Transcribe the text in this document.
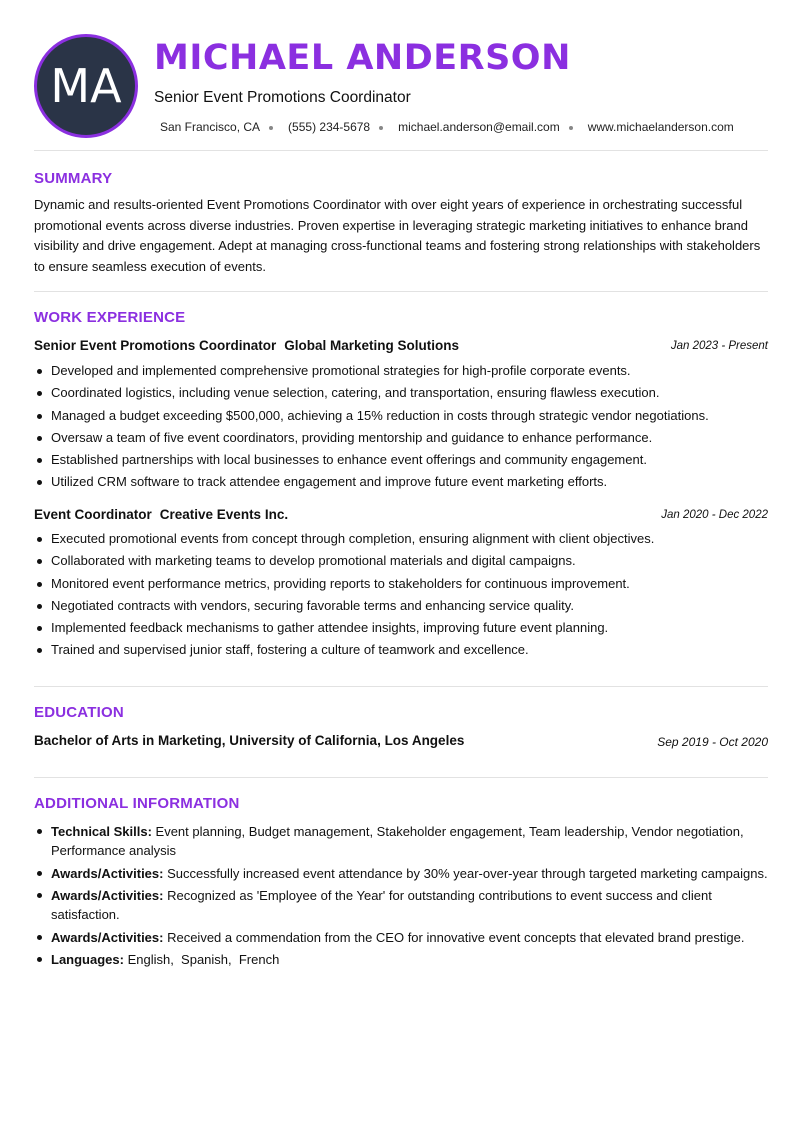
MA
MICHAEL ANDERSON
Senior Event Promotions Coordinator
San Francisco, CA (555) 234-5678 michael.anderson@email.com www.michaelanderson.com
SUMMARY
Dynamic and results-oriented Event Promotions Coordinator with over eight years of experience in orchestrating successful promotional events across diverse industries. Proven expertise in leveraging strategic marketing initiatives to enhance brand visibility and drive engagement. Adept at managing cross-functional teams and fostering strong relationships with stakeholders to ensure seamless execution of events.
WORK EXPERIENCE
Senior Event Promotions Coordinator Global Marketing Solutions	Jan 2023 - Present
Developed and implemented comprehensive promotional strategies for high-profile corporate events.
Coordinated logistics, including venue selection, catering, and transportation, ensuring flawless execution.
Managed a budget exceeding $500,000, achieving a 15% reduction in costs through strategic vendor negotiations.
Oversaw a team of five event coordinators, providing mentorship and guidance to enhance performance.
Established partnerships with local businesses to enhance event offerings and community engagement.
Utilized CRM software to track attendee engagement and improve future event marketing efforts.
Event Coordinator Creative Events Inc.	Jan 2020 - Dec 2022
Executed promotional events from concept through completion, ensuring alignment with client objectives.
Collaborated with marketing teams to develop promotional materials and digital campaigns.
Monitored event performance metrics, providing reports to stakeholders for continuous improvement.
Negotiated contracts with vendors, securing favorable terms and enhancing service quality.
Implemented feedback mechanisms to gather attendee insights, improving future event planning.
Trained and supervised junior staff, fostering a culture of teamwork and excellence.
EDUCATION
Bachelor of Arts in Marketing, University of California, Los Angeles	Sep 2019 - Oct 2020
ADDITIONAL INFORMATION
Technical Skills: Event planning, Budget management, Stakeholder engagement, Team leadership, Vendor negotiation, Performance analysis
Awards/Activities: Successfully increased event attendance by 30% year-over-year through targeted marketing campaigns.
Awards/Activities: Recognized as 'Employee of the Year' for outstanding contributions to event success and client satisfaction.
Awards/Activities: Received a commendation from the CEO for innovative event concepts that elevated brand prestige.
Languages: English,  Spanish,  French
